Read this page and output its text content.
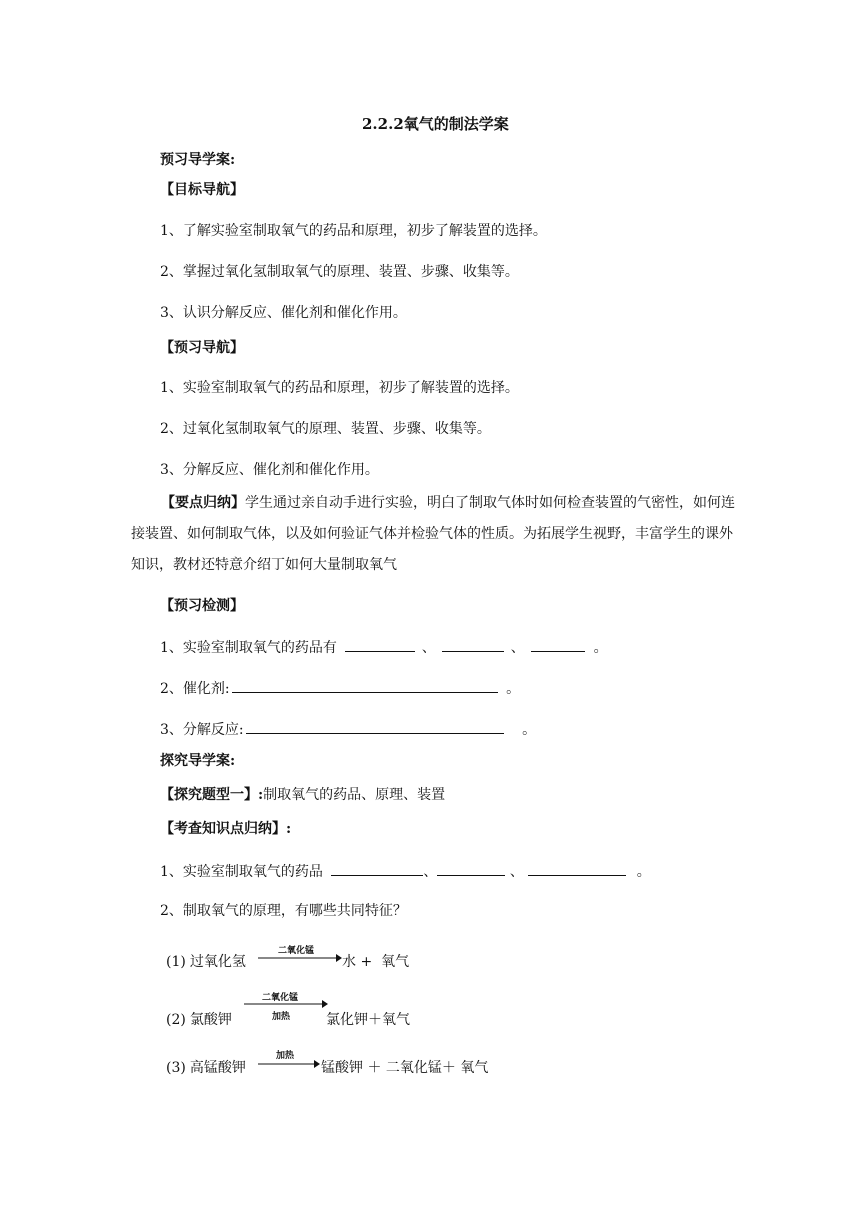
2.2.2氧气的制法学案
预习导学案:
【目标导航】
1、了解实验室制取氧气的药品和原理，初步了解装置的选择。
2、掌握过氧化氢制取氧气的原理、装置、步骤、收集等。
3、认识分解反应、催化剂和催化作用。
【预习导航】
1、实验室制取氧气的药品和原理，初步了解装置的选择。
2、过氧化氢制取氧气的原理、装置、步骤、收集等。
3、分解反应、催化剂和催化作用。
【要点归纳】学生通过亲自动手进行实验，明白了制取气体时如何检查装置的气密性，如何连接装置、如何制取气体，以及如何验证气体并检验气体的性质。为拓展学生视野，丰富学生的课外知识，教材还特意介绍丁如何大量制取氧气
【预习检测】
1、实验室制取氧气的药品有	、	、	。
2、催化剂:	。
3、分解反应:	。
探究导学案:
【探究题型一】:制取氧气的药品、原理、装置
【考查知识点归纳】:
1、实验室制取氧气的药品	、	、	。
2、制取氧气的原理，有哪些共同特征？
(1) 过氧化氢
二氧化锰
水 +  氧气
(2) 氯酸钾
二氧化锰
加热	氯化钾＋氧气
(3) 高锰酸钾
加热
→ 锰酸钾 ＋ 二氧化锰＋ 氧气
